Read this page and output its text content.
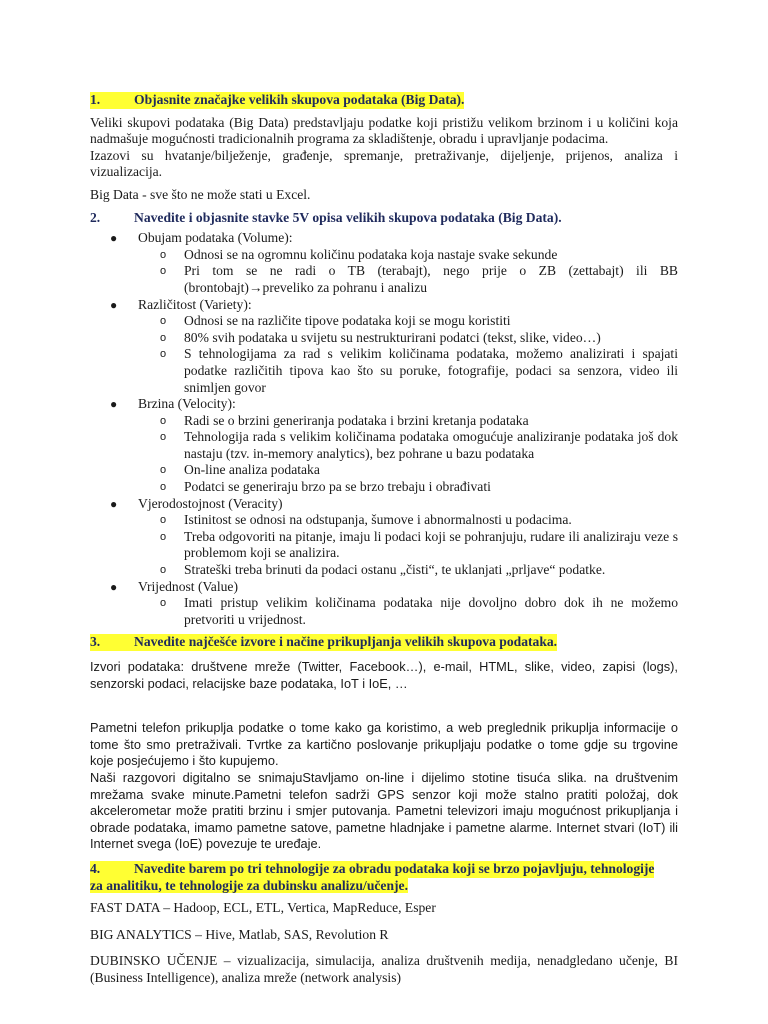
1.	Objasnite značajke velikih skupova podataka (Big Data).

Veliki skupovi podataka (Big Data) predstavljaju podatke koji pristižu velikom brzinom i u količini koja nadmašuje mogućnosti tradicionalnih programa za skladištenje, obradu i upravljanje podacima.

Izazovi su hvatanje/bilježenje, građenje, spremanje, pretraživanje, dijeljenje, prijenos, analiza i vizualizacija.

Big Data - sve što ne može stati u Excel.

2.	Navedite i objasnite stavke 5V opisa velikih skupova podataka (Big Data).
● Obujam podataka (Volume):
o Odnosi se na ogromnu količinu podataka koja nastaje svake sekunde
o Pri tom se ne radi o TB (terabajt), nego prije o ZB (zettabajt) ili BB (brontobajt)→preveliko za pohranu i analizu
● Različitost (Variety):
o Odnosi se na različite tipove podataka koji se mogu koristiti
o 80% svih podataka u svijetu su nestrukturirani podatci (tekst, slike, video…)
o S tehnologijama za rad s velikim količinama podataka, možemo analizirati i spajati podatke različitih tipova kao što su poruke, fotografije, podaci sa senzora, video ili snimljen govor
● Brzina (Velocity):
o Radi se o brzini generiranja podataka i brzini kretanja podataka
o Tehnologija rada s velikim količinama podataka omogućuje analiziranje podataka još dok nastaju (tzv. in-memory analytics), bez pohrane u bazu podataka
o On-line analiza podataka
o Podatci se generiraju brzo pa se brzo trebaju i obrađivati
● Vjerodostojnost (Veracity)
o Istinitost se odnosi na odstupanja, šumove i abnormalnosti u podacima.
o Treba odgovoriti na pitanje, imaju li podaci koji se pohranjuju, rudare ili analiziraju veze s problemom koji se analizira.
o Strateški treba brinuti da podaci ostanu „čisti“, te uklanjati „prljave“ podatke.
● Vrijednost (Value)
o Imati pristup velikim količinama podataka nije dovoljno dobro dok ih ne možemo pretvoriti u vrijednost.
3.	Navedite najčešće izvore i načine prikupljanja velikih skupova podataka.

Izvori podataka: društvene mreže (Twitter, Facebook…), e-mail, HTML, slike, video, zapisi (logs), senzorski podaci, relacijske baze podataka, IoT i IoE, …

Pametni telefon prikuplja podatke o tome kako ga koristimo, a web preglednik prikuplja informacije o tome što smo pretraživali. Tvrtke za kartično poslovanje prikupljaju podatke o tome gdje su trgovine koje posjećujemo i što kupujemo.

Naši razgovori digitalno se snimajuStavljamo on-line i dijelimo stotine tisuća slika. na društvenim mrežama svake minute.Pametni telefon sadrži GPS senzor koji može stalno pratiti položaj, dok akcelerometar može pratiti brzinu i smjer putovanja. Pametni televizori imaju mogućnost prikupljanja i obrade podataka, imamo pametne satove, pametne hladnjake i pametne alarme. Internet stvari (IoT) ili Internet svega (IoE) povezuje te uređaje.

4.	Navedite barem po tri tehnologije za obradu podataka koji se brzo pojavljuju, tehnologije
za analitiku, te tehnologije za dubinsku analizu/učenje.

FAST DATA – Hadoop, ECL, ETL, Vertica, MapReduce, Esper

BIG ANALYTICS – Hive, Matlab, SAS, Revolution R

DUBINSKO UČENJE – vizualizacija, simulacija, analiza društvenih medija, nenadgledano učenje, BI (Business Intelligence), analiza mreže (network analysis)
